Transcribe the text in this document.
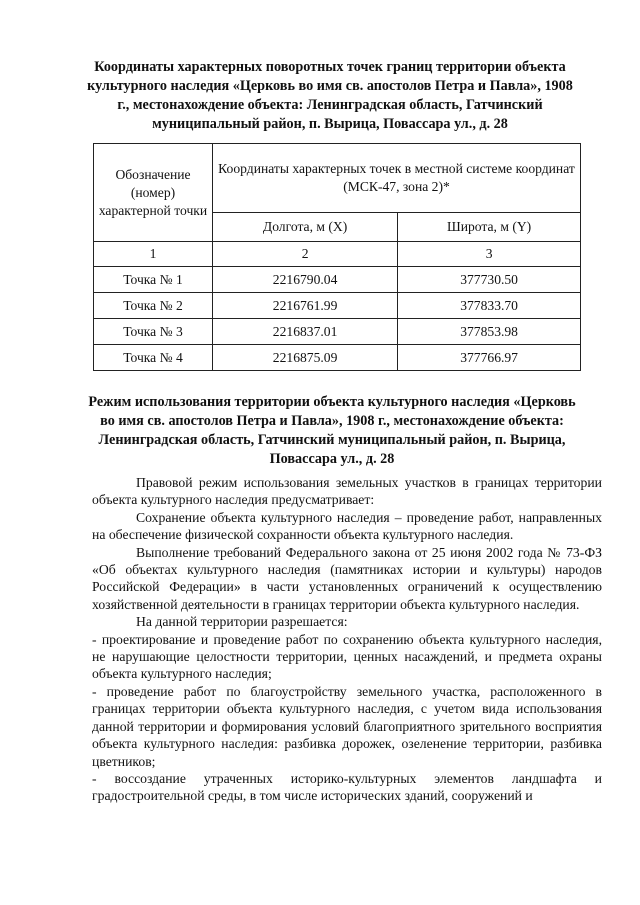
Координаты характерных поворотных точек границ территории объекта культурного наследия «Церковь во имя св. апостолов Петра и Павла», 1908 г., местонахождение объекта: Ленинградская область, Гатчинский муниципальный район, п. Вырица, Повассара ул., д. 28
Обозначение (номер) характерной точки	Координаты характерных точек в местной системе координат (МСК-47, зона 2)*	
	Долгота, м (X)	Широта, м (Y)
1	2	3
Точка № 1	2216790.04	377730.50
Точка № 2	2216761.99	377833.70
Точка № 3	2216837.01	377853.98
Точка № 4	2216875.09	377766.97
Режим использования территории объекта культурного наследия «Церковь во имя св. апостолов Петра и Павла», 1908 г., местонахождение объекта: Ленинградская область, Гатчинский муниципальный район, п. Вырица, Повассара ул., д. 28

Правовой режим использования земельных участков в границах территории объекта культурного наследия предусматривает:

Сохранение объекта культурного наследия – проведение работ, направленных на обеспечение физической сохранности объекта культурного наследия.

Выполнение требований Федерального закона от 25 июня 2002 года № 73-ФЗ «Об объектах культурного наследия (памятниках истории и культуры) народов Российской Федерации» в части установленных ограничений к осуществлению хозяйственной деятельности в границах территории объекта культурного наследия.

На данной территории разрешается:

- проектирование и проведение работ по сохранению объекта культурного наследия, не нарушающие целостности территории, ценных насаждений, и предмета охраны объекта культурного наследия;

- проведение работ по благоустройству земельного участка, расположенного в границах территории объекта культурного наследия, с учетом вида использования данной территории и формирования условий благоприятного зрительного восприятия объекта культурного наследия: разбивка дорожек, озеленение территории, разбивка цветников;

- воссоздание утраченных историко-культурных элементов ландшафта и градостроительной среды, в том числе исторических зданий, сооружений и
